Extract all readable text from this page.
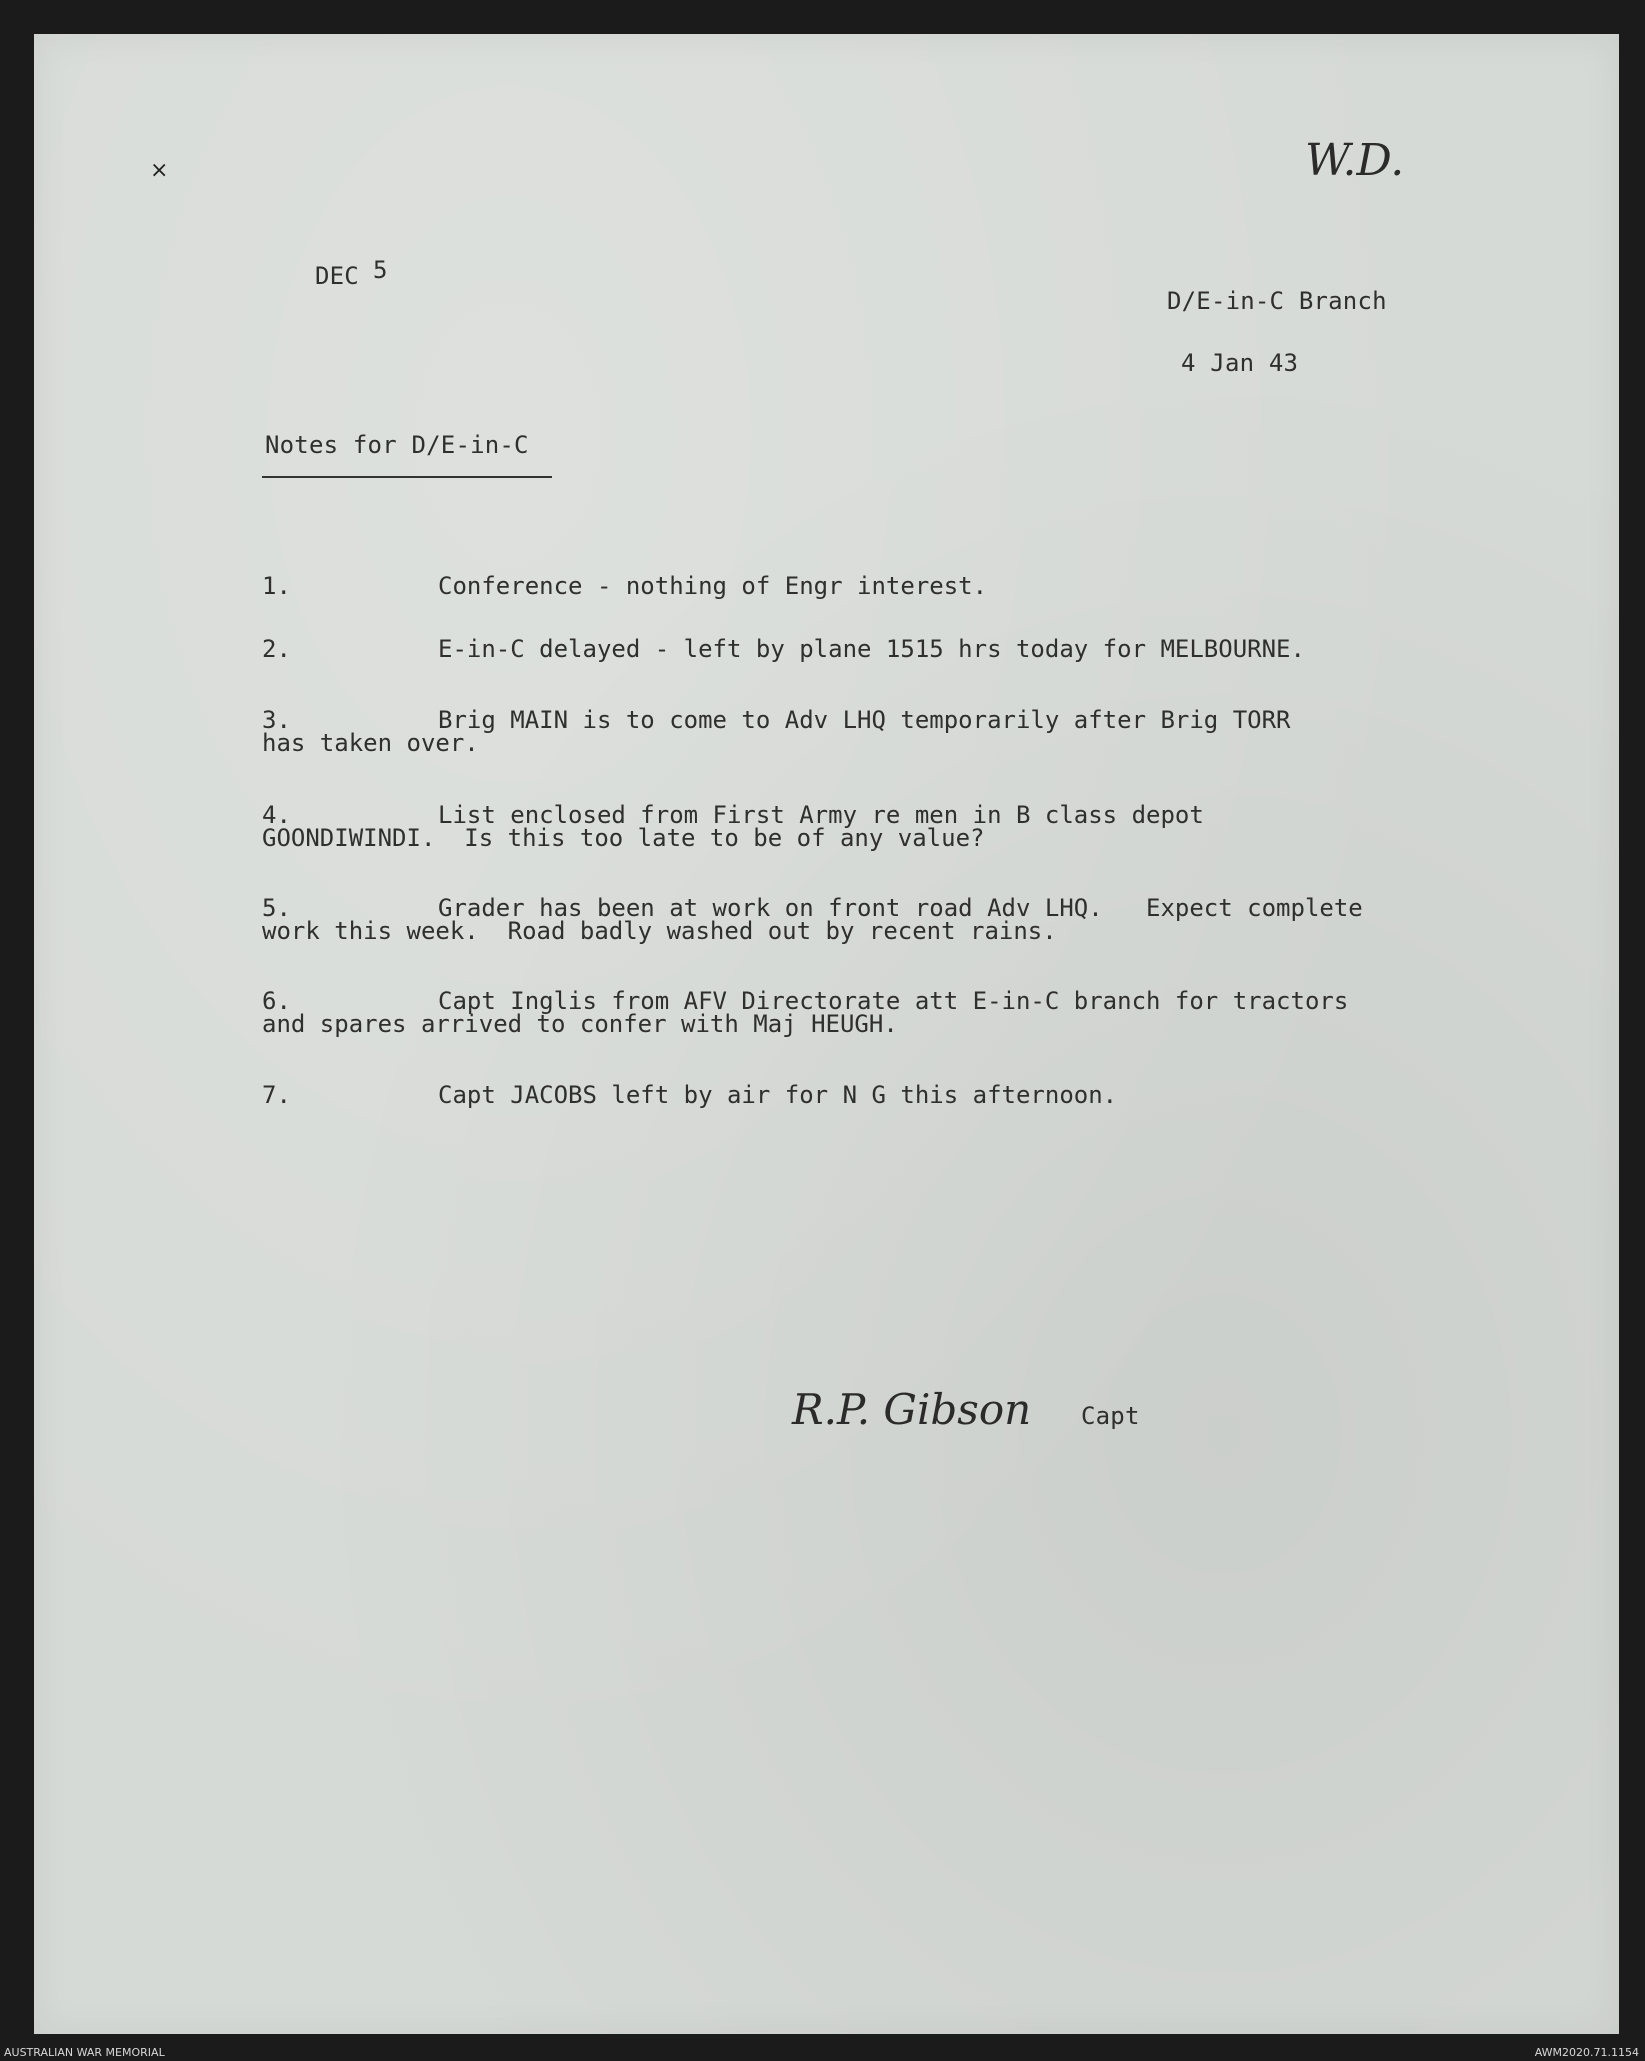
⨯	W.D.
DEC 5
D/E-in-C Branch
4 Jan 43
Notes for D/E-in-C
1.	Conference - nothing of Engr interest.
2.	E-in-C delayed - left by plane 1515 hrs today for MELBOURNE.
3.	Brig MAIN is to come to Adv LHQ temporarily after Brig TORR
has taken over.
4.	List enclosed from First Army re men in B class depot
GOONDIWINDI.  Is this too late to be of any value?
5.	Grader has been at work on front road Adv LHQ.   Expect complete
work this week.  Road badly washed out by recent rains.
6.	Capt Inglis from AFV Directorate att E-in-C branch for tractors
and spares arrived to confer with Maj HEUGH.
7.	Capt JACOBS left by air for N G this afternoon.
R.P. Gibson Capt
AUSTRALIAN WAR MEMORIAL	AWM2020.71.1154
